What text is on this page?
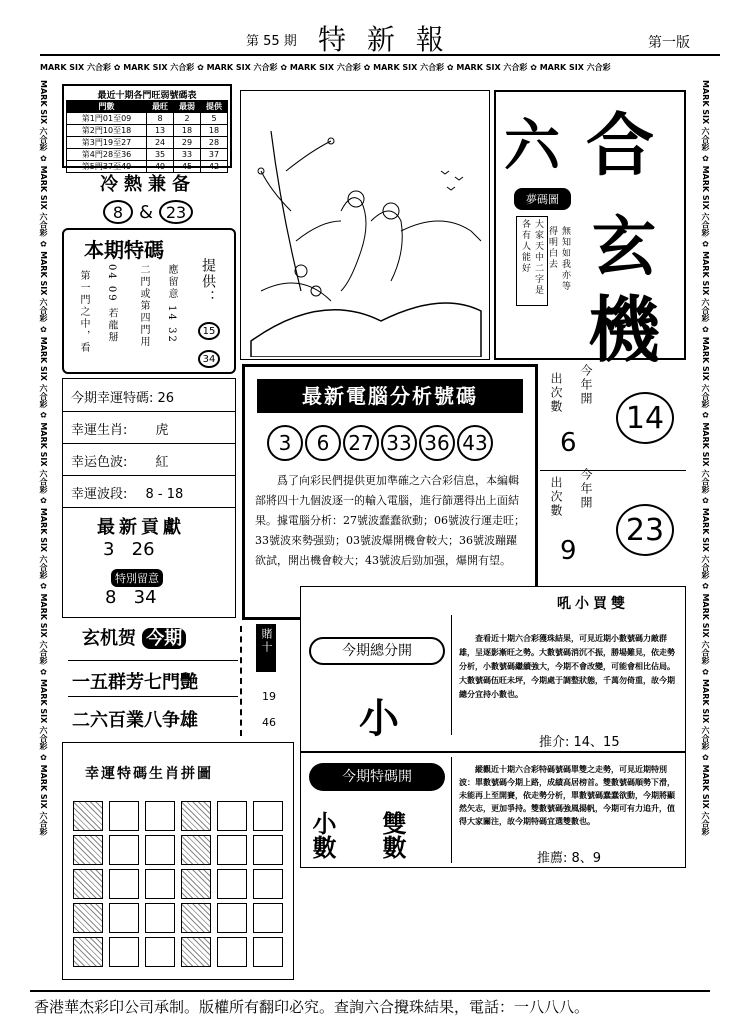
第 55 期 特 新 報	第一版
MARK SIX 六合彩 ✿ MARK SIX 六合彩 ✿ MARK SIX 六合彩 ✿ MARK SIX 六合彩 ✿ MARK SIX 六合彩 ✿ MARK SIX 六合彩 ✿ MARK SIX 六合彩
MARK SIX 六合彩 ✿ MARK SIX 六合彩 ✿ MARK SIX 六合彩 ✿ MARK SIX 六合彩 ✿ MARK SIX 六合彩 ✿ MARK SIX 六合彩 ✿ MARK SIX 六合彩 ✿ MARK SIX 六合彩 ✿ MARK SIX 六合彩
MARK SIX 六合彩 ✿ MARK SIX 六合彩 ✿ MARK SIX 六合彩 ✿ MARK SIX 六合彩 ✿ MARK SIX 六合彩 ✿ MARK SIX 六合彩 ✿ MARK SIX 六合彩 ✿ MARK SIX 六合彩 ✿ MARK SIX 六合彩
最近十期各門旺弱號碼表
門數	最旺	最弱	提供
第1門01至09	8	2	5
第2門10至18	13	18	18
第3門19至27	24	29	28
第4門28至36	35	33	37
第5門37至49	49	45	42
冷熱兼备
8 & 23
本期特碼
第一門之中，看 04 09 若龍掰 二門或第四門用 應留意 14 32 提供：
15
34
今期幸運特碼: 26
幸運生肖: 虎
幸运色波: 紅
幸運波段: 8 - 18
最新貢獻
3 26
特別留意
8 34
玄机贺 今期
一五群芳七門艷
二六百業八争雄
賭十
19
46
幸運特碼生肖拼圖
六 合
夢碼圖
大家天中二字是各有人能好	無知如我亦等得明白去 玄
機
最新電腦分析號碼
3	6 27 33 36 43
爲了向彩民們提供更加準確之六合彩信息，本編輯部將四十九個波逐一的輸入電腦，進行篩選得出上面結果。據電腦分析：27號波蠢蠢欲動；06號波行運走旺；33號波來勢强勁；03號波爆開機會較大；36號波蹦躍欲試，開出機會較大；43號波后勁加强，爆開有望。
出次數 今年開
6
14
出次數 今年開
9
23
吼小買雙
今期總分開
小
查看近十期六合彩獲珠結果，可見近期小數號碼力敵群雄，呈逐影漸旺之勢。大數號碼消沉不振，勝場難見，依走勢分析，小數號碼繼續強大，今期不會改變，可能會相比佔局。大數號碼伍旺未坪，今期處于調整狀態，千萬勿倚重，故今期總分宜持小數也。
推介: 14、15
今期特碼開
小數 雙數
縱觀近十期六合彩特碼號碼單雙之走勢，可見近期特別波：單數號碼今期上路，成績高居榜首。雙數號碼順勢下滑，未能再上至開賽，依走勢分析，單數號碼蠢蠢欲動，今期將顯然矢志，更加爭持。雙數號碼強風揚帆，今期可有力追升，值得大家關注，故今期特碼宜選雙數也。
推薦: 8、9
香港華杰彩印公司承制。版權所有翻印必究。查詢六合攪珠結果，電話：一八八八。
